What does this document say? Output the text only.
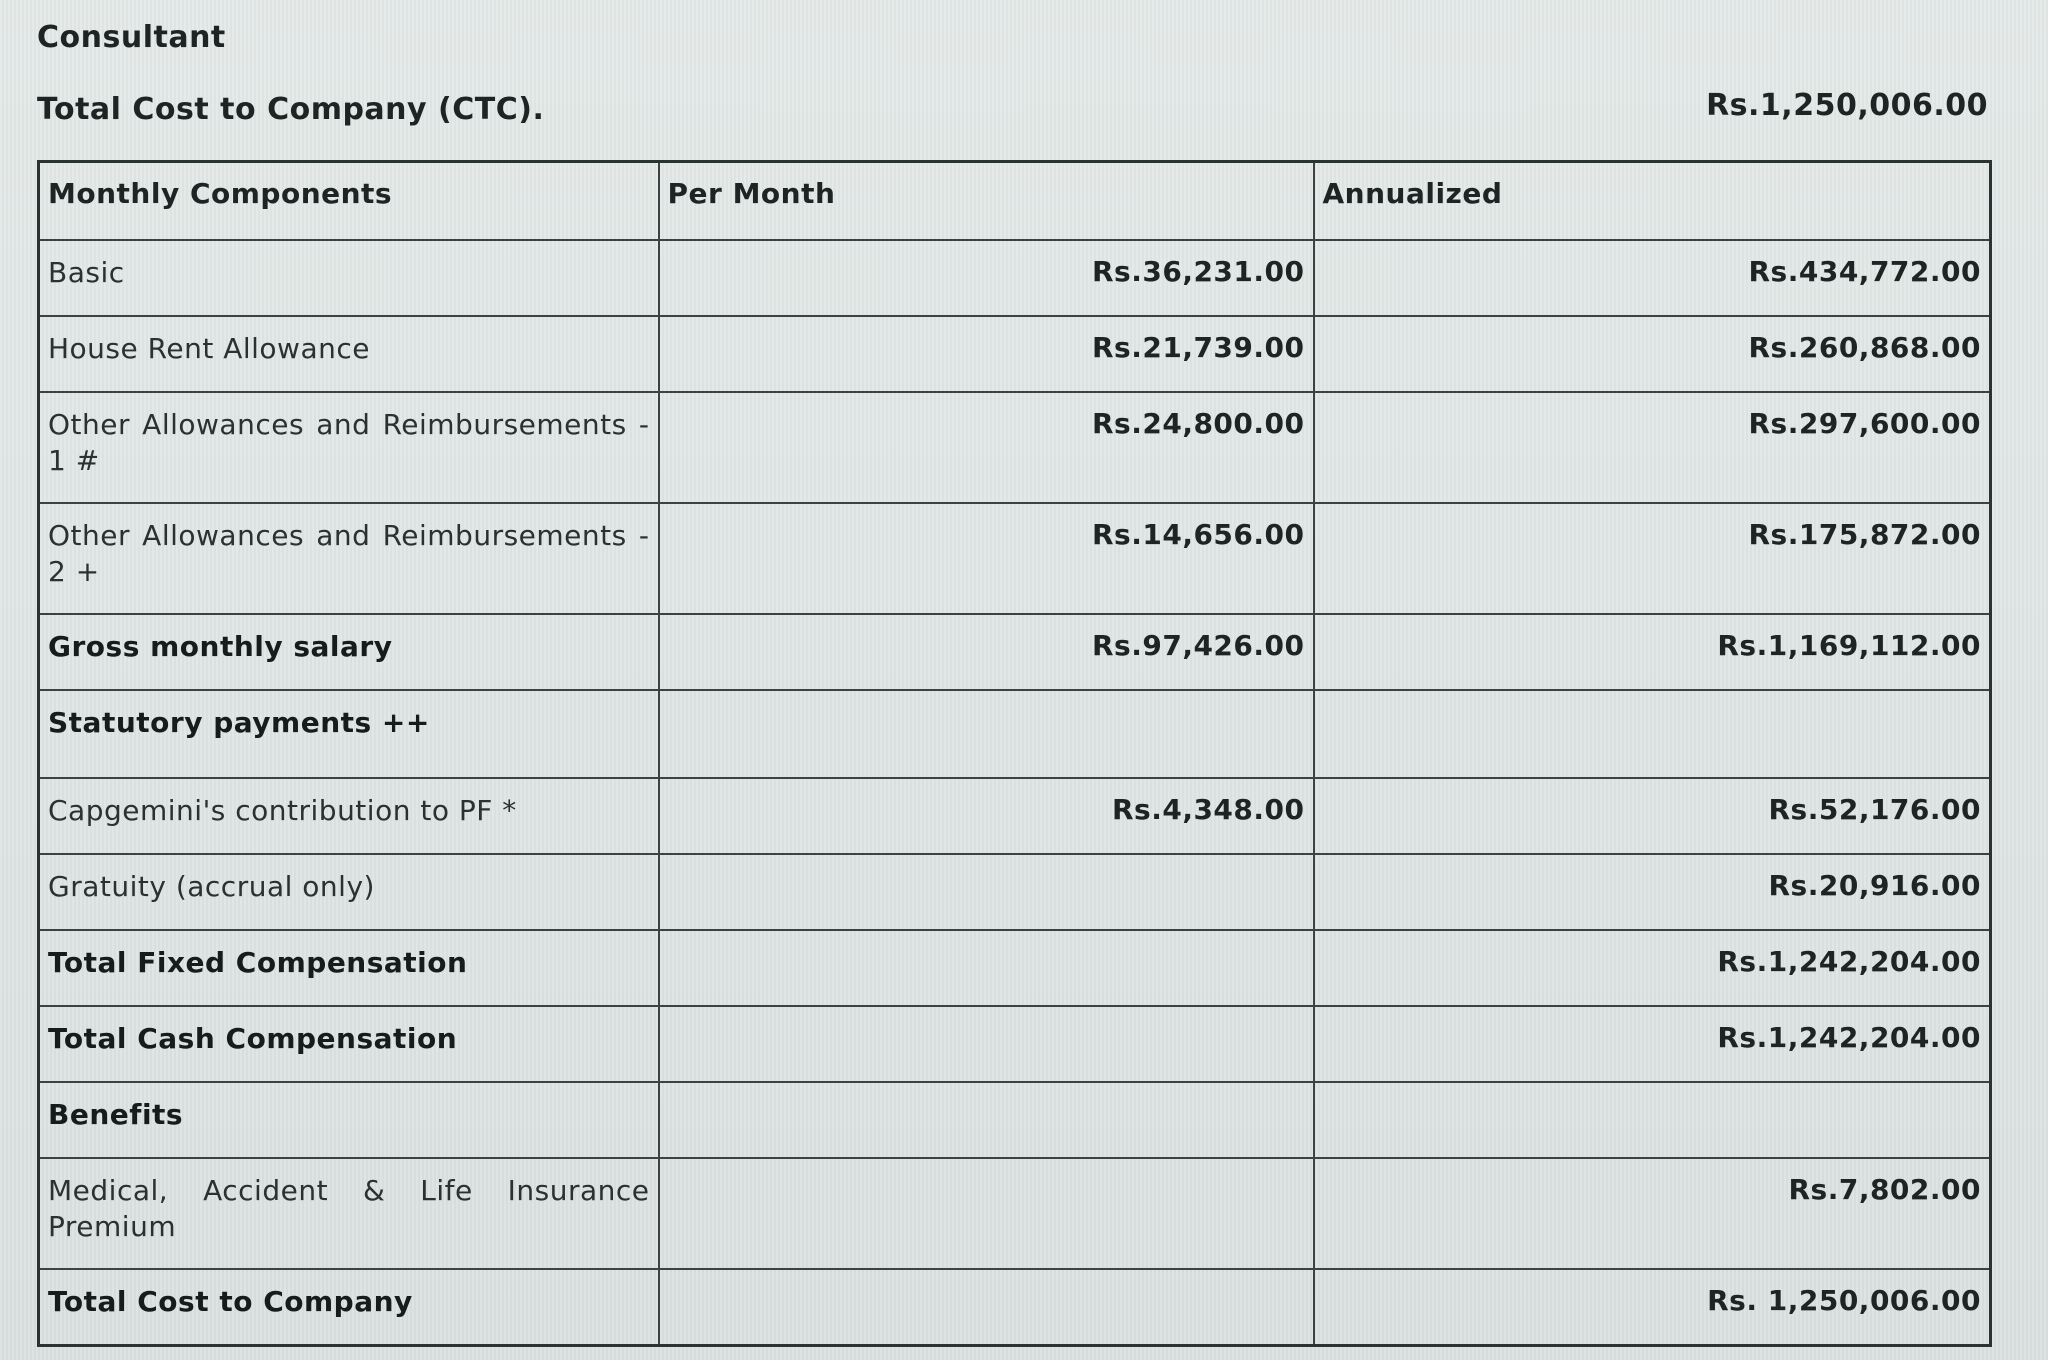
Consultant
Total Cost to Company (CTC).	Rs.1,250,006.00
Monthly Components	Per Month	Annualized
Basic	Rs.36,231.00	Rs.434,772.00
House Rent Allowance	Rs.21,739.00	Rs.260,868.00
Other Allowances and Reimbursements - 1 #	Rs.24,800.00	Rs.297,600.00
Other Allowances and Reimbursements - 2 +	Rs.14,656.00	Rs.175,872.00
Gross monthly salary	Rs.97,426.00	Rs.1,169,112.00
Statutory payments ++		
Capgemini's contribution to PF *	Rs.4,348.00	Rs.52,176.00
Gratuity (accrual only)		Rs.20,916.00
Total Fixed Compensation		Rs.1,242,204.00
Total Cash Compensation		Rs.1,242,204.00
Benefits		
Medical, Accident & Life Insurance Premium		Rs.7,802.00
Total Cost to Company		Rs. 1,250,006.00
